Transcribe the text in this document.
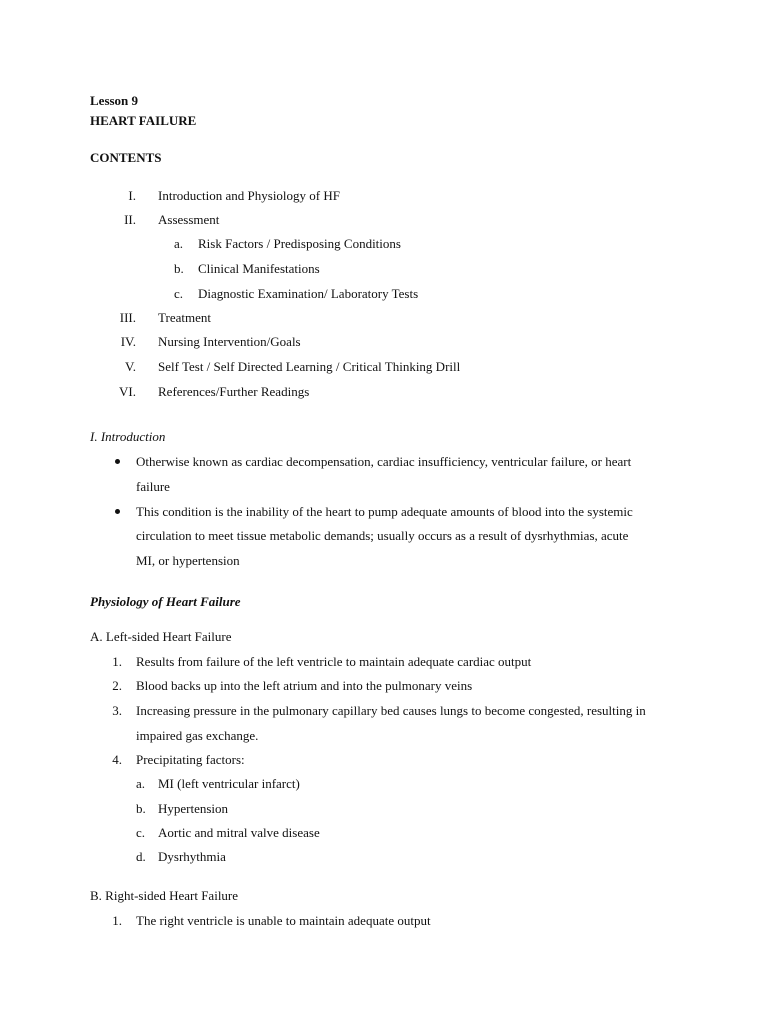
Lesson 9
HEART FAILURE
CONTENTS
I. Introduction and Physiology of HF
II. Assessment
a. Risk Factors / Predisposing Conditions
b. Clinical Manifestations
c. Diagnostic Examination/ Laboratory Tests
III. Treatment
IV. Nursing Intervention/Goals
V. Self Test / Self Directed Learning / Critical Thinking Drill
VI. References/Further Readings
I. Introduction
Otherwise known as cardiac decompensation, cardiac insufficiency, ventricular failure, or heart
failure
This condition is the inability of the heart to pump adequate amounts of blood into the systemic
circulation to meet tissue metabolic demands; usually occurs as a result of dysrhythmias, acute
MI, or hypertension
Physiology of Heart Failure
A. Left-sided Heart Failure
1. Results from failure of the left ventricle to maintain adequate cardiac output
2. Blood backs up into the left atrium and into the pulmonary veins
3. Increasing pressure in the pulmonary capillary bed causes lungs to become congested, resulting in
impaired gas exchange.
4. Precipitating factors:
a. MI (left ventricular infarct)
b. Hypertension
c. Aortic and mitral valve disease
d. Dysrhythmia
B. Right-sided Heart Failure
1. The right ventricle is unable to maintain adequate output
